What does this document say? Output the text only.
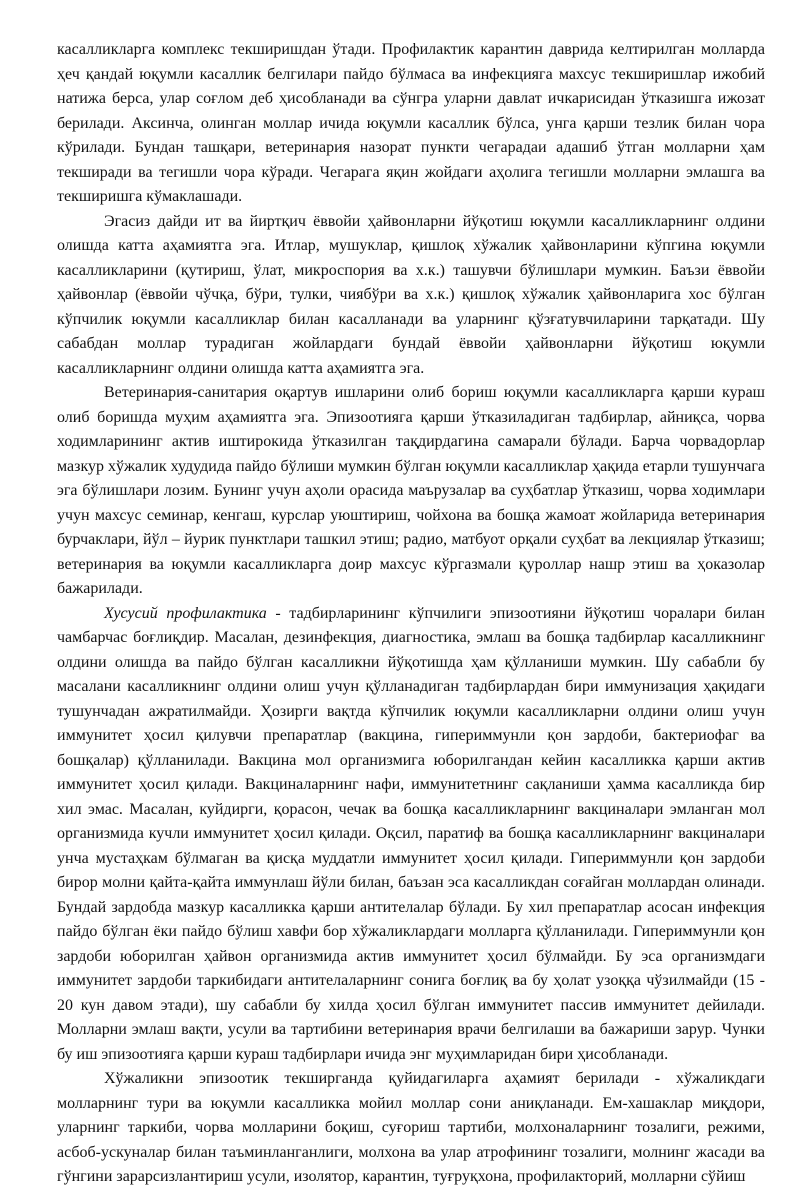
касалликларга комплекс текширишдан ўтади. Профилактик карантин даврида келтирилган молларда ҳеч қандай юқумли касаллик белгилари пайдо бўлмаса ва инфекцияга махсус текширишлар ижобий натижа берса, улар соғлом деб ҳисобланади ва сўнгра уларни давлат ичкарисидан ўтказишга ижозат берилади. Аксинча, олинган моллар ичида юқумли касаллик бўлса, унга қарши тезлик билан чора кўрилади. Бундан ташқари, ветеринария назорат пункти чегарадаи адашиб ўтган молларни ҳам текширади ва тегишли чора кўради. Чегарага яқин жойдаги аҳолига тегишли молларни эмлашга ва текширишга кўмаклашади.

Эгасиз дайди ит ва йиртқич ёввойи ҳайвонларни йўқотиш юқумли касалликларнинг олдини олишда катта аҳамиятга эга. Итлар, мушуклар, қишлоқ хўжалик ҳайвонларини кўпгина юқумли касалликларини (қутириш, ўлат, микроспория ва х.к.) ташувчи бўлишлари мумкин. Баъзи ёввойи ҳайвонлар (ёввойи чўчқа, бўри, тулки, чиябўри ва х.к.) қишлоқ хўжалик ҳайвонларига хос бўлган кўпчилик юқумли касалликлар билан касалланади ва уларнинг қўзғатувчиларини тарқатади. Шу сабабдан моллар турадиган жойлардаги бундай ёввойи ҳайвонларни йўқотиш юқумли касалликларнинг олдини олишда катта аҳамиятга эга.

Ветеринария-санитария оқартув ишларини олиб бориш юқумли касалликларга қарши кураш олиб боришда муҳим аҳамиятга эга. Эпизоотияга қарши ўтказиладиган тадбирлар, айниқса, чорва ходимларининг актив иштирокида ўтказилган тақдирдагина самарали бўлади. Барча чорвадорлар мазкур хўжалик худудида пайдо бўлиши мумкин бўлган юқумли касалликлар ҳақида етарли тушунчага эга бўлишлари лозим. Бунинг учун аҳоли орасида маърузалар ва суҳбатлар ўтказиш, чорва ходимлари учун махсус семинар, кенгаш, курслар уюштириш, чойхона ва бошқа жамоат жойларида ветеринария бурчаклари, йўл – йурик пунктлари ташкил этиш; радио, матбуот орқали суҳбат ва лекциялар ўтказиш; ветеринария ва юқумли касалликларга доир махсус кўргазмали қуроллар нашр этиш ва ҳоказолар бажарилади.

Хусусий профилактика - тадбирларининг кўпчилиги эпизоотияни йўқотиш чоралари билан чамбарчас боғлиқдир. Масалан, дезинфекция, диагностика, эмлаш ва бошқа тадбирлар касалликнинг олдини олишда ва пайдо бўлган касалликни йўқотишда ҳам қўлланиши мумкин. Шу сабабли бу масалани касалликнинг олдини олиш учун қўлланадиган тадбирлардан бири иммунизация ҳақидаги тушунчадан ажратилмайди. Ҳозирги вақтда кўпчилик юқумли касалликларни олдини олиш учун иммунитет ҳосил қилувчи препаратлар (вакцина, гипериммунли қон зардоби, бактериофаг ва бошқалар) қўлланилади. Вакцина мол организмига юборилгандан кейин касалликка қарши актив иммунитет ҳосил қилади. Вакциналарнинг нафи, иммунитетнинг сақланиши ҳамма касалликда бир хил эмас. Масалан, куйдирги, қорасон, чечак ва бошқа касалликларнинг вакциналари эмланган мол организмида кучли иммунитет ҳосил қилади. Оқсил, паратиф ва бошқа касалликларнинг вакциналари унча мустаҳкам бўлмаган ва қисқа муддатли иммунитет ҳосил қилади. Гипериммунли қон зардоби бирор молни қайта-қайта иммунлаш йўли билан, баъзан эса касалликдан соғайган моллардан олинади. Бундай зардобда мазкур касалликка қарши антителалар бўлади. Бу хил препаратлар асосан инфекция пайдо бўлган ёки пайдо бўлиш хавфи бор хўжаликлардаги молларга қўлланилади. Гипериммунли қон зардоби юборилган ҳайвон организмида актив иммунитет ҳосил бўлмайди. Бу эса организмдаги иммунитет зардоби таркибидаги антителаларнинг сонига боғлиқ ва бу ҳолат узоққа чўзилмайди (15 - 20 кун давом этади), шу сабабли бу хилда ҳосил бўлган иммунитет пассив иммунитет дейилади. Молларни эмлаш вақти, усули ва тартибини ветеринария врачи белгилаши ва бажариши зарур. Чунки бу иш эпизоотияга қарши кураш тадбирлари ичида энг муҳимларидан бири ҳисобланади.

Хўжаликни эпизоотик текширганда қуйидагиларга аҳамият берилади - хўжаликдаги молларнинг тури ва юқумли касалликка мойил моллар сони аниқланади. Ем-хашаклар миқдори, уларнинг таркиби, чорва молларини боқиш, суғориш тартиби, молхоналарнинг тозалиги, режими, асбоб-ускуналар билан таъминланганлиги, молхона ва улар атрофининг тозалиги, молнинг жасади ва гўнгини зарарсизлантириш усули, изолятор, карантин, туғруқхона, профилакторий, молларни сўйиш
